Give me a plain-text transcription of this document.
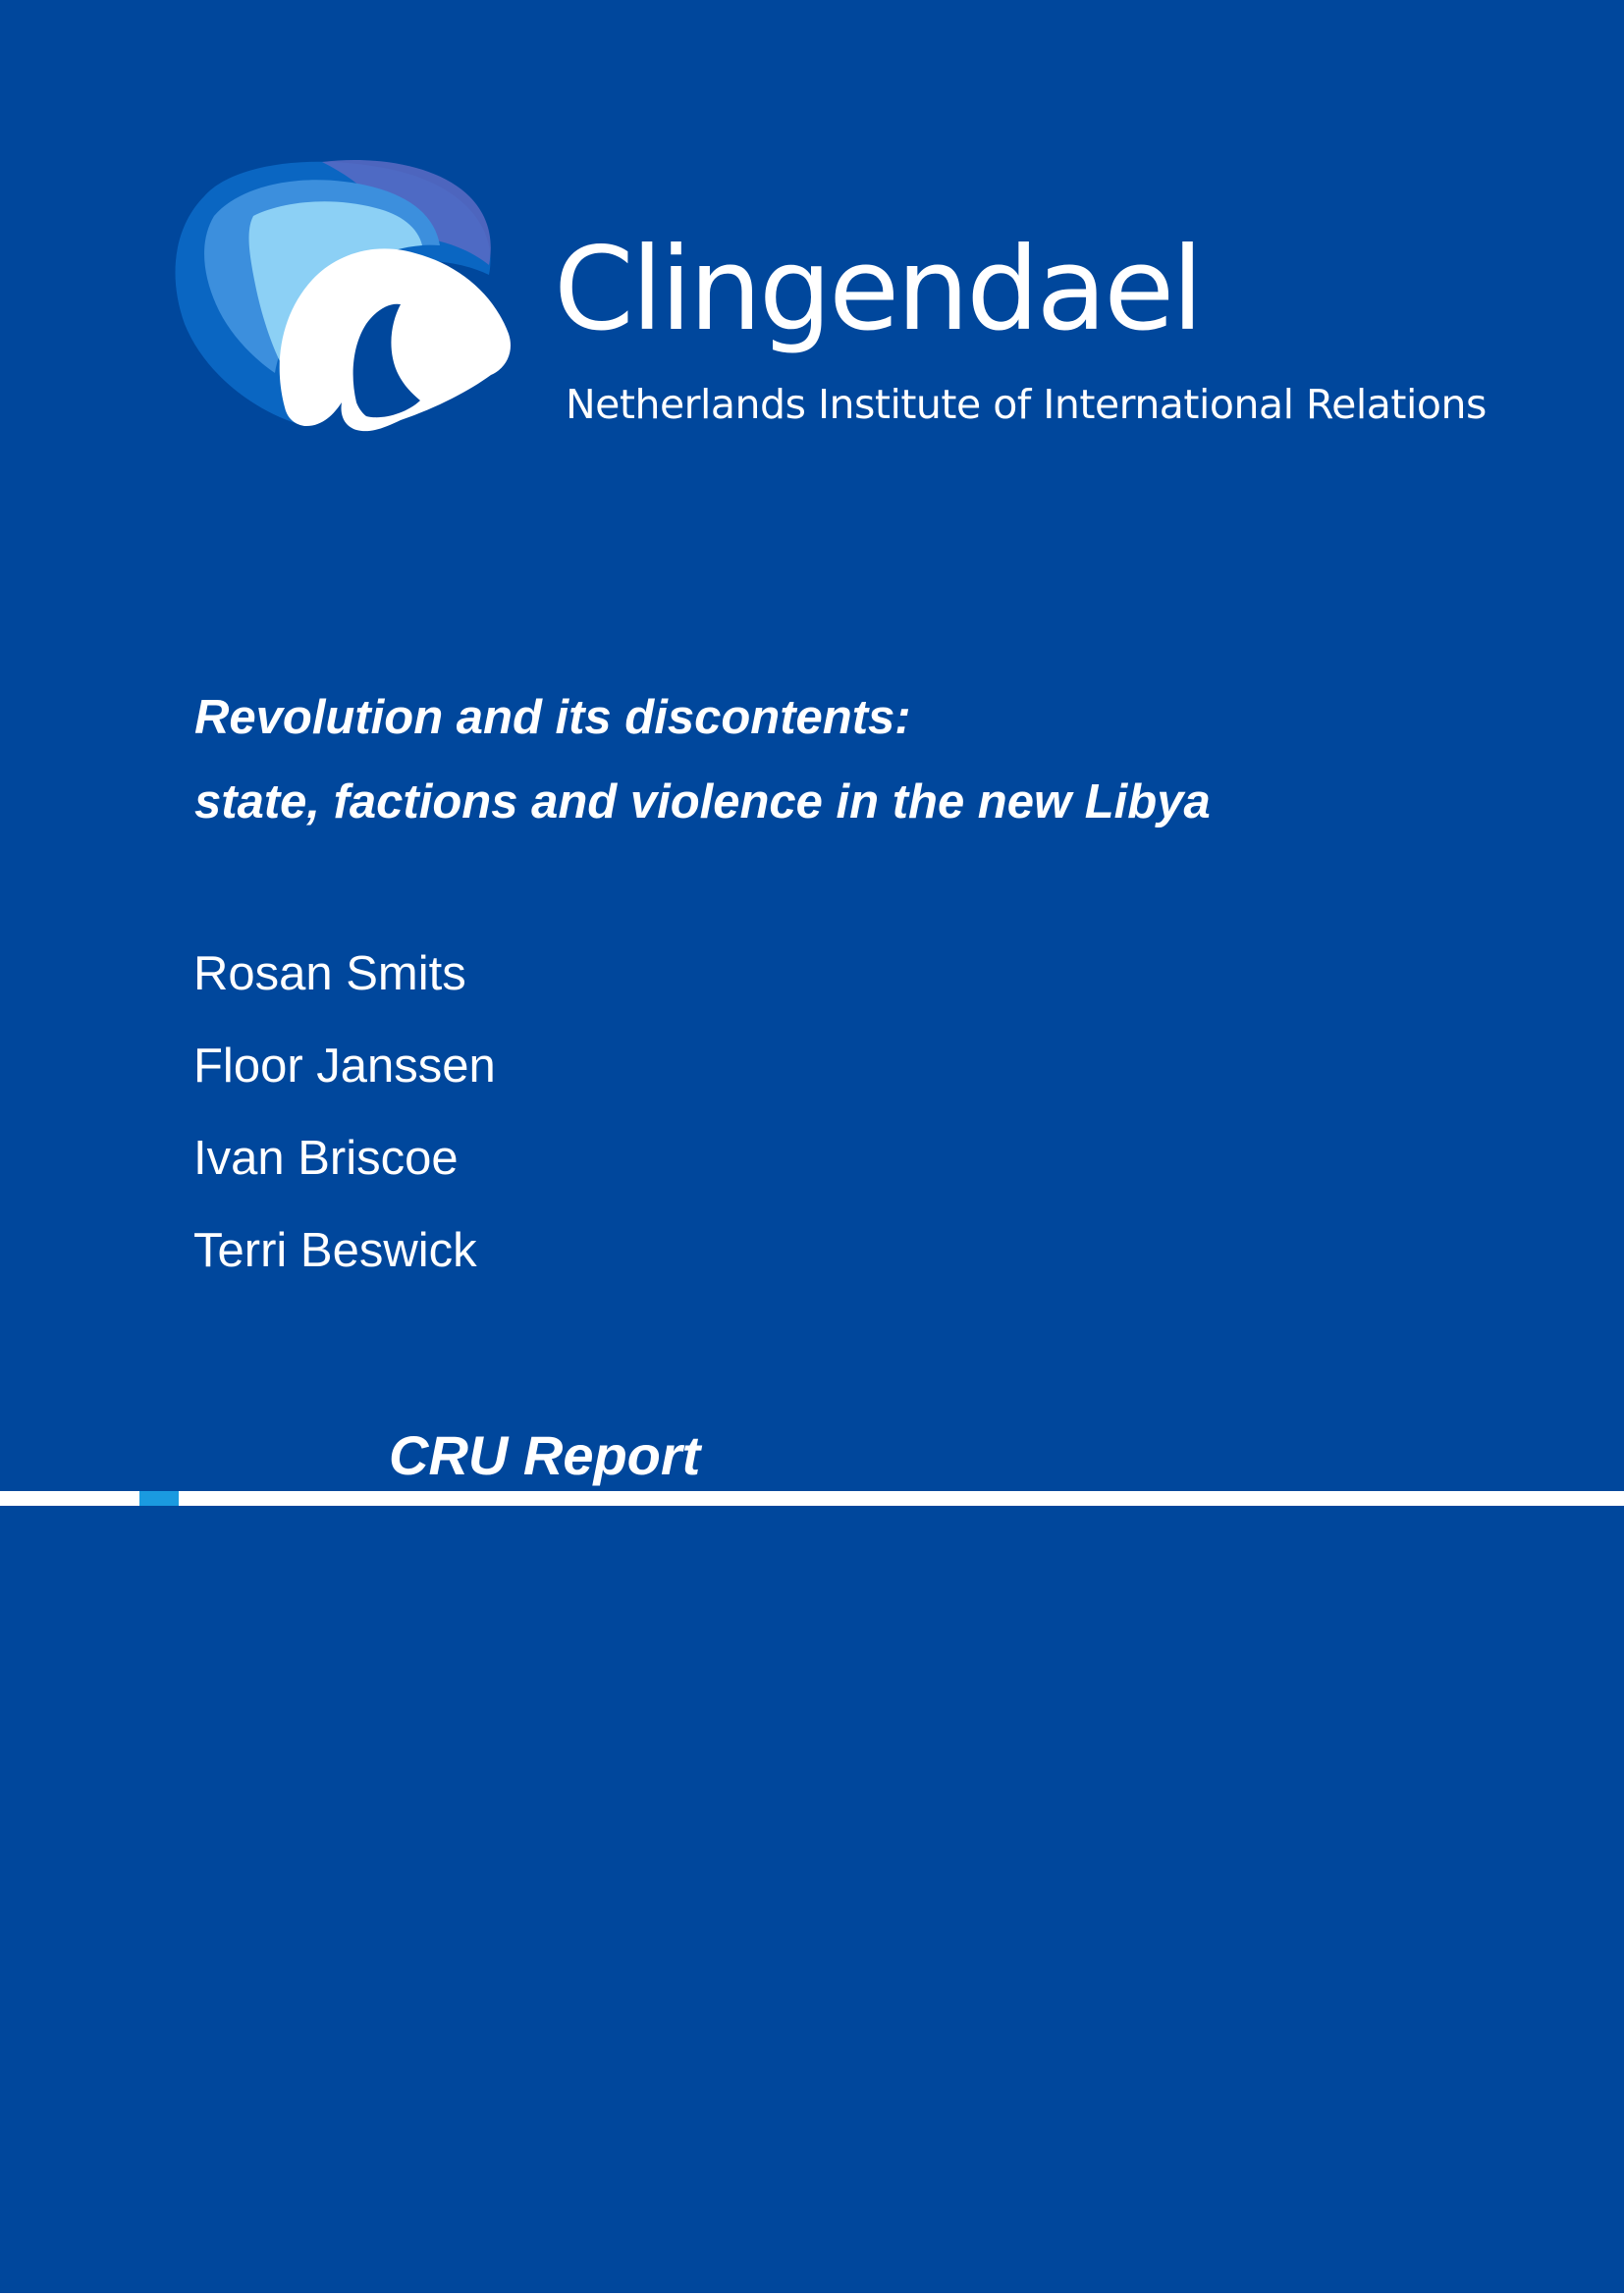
Clingendael
Netherlands Institute of International Relations
Revolution and its discontents:
state, factions and violence in the new Libya
Rosan Smits
Floor Janssen
Ivan Briscoe
Terri Beswick
CRU Report
